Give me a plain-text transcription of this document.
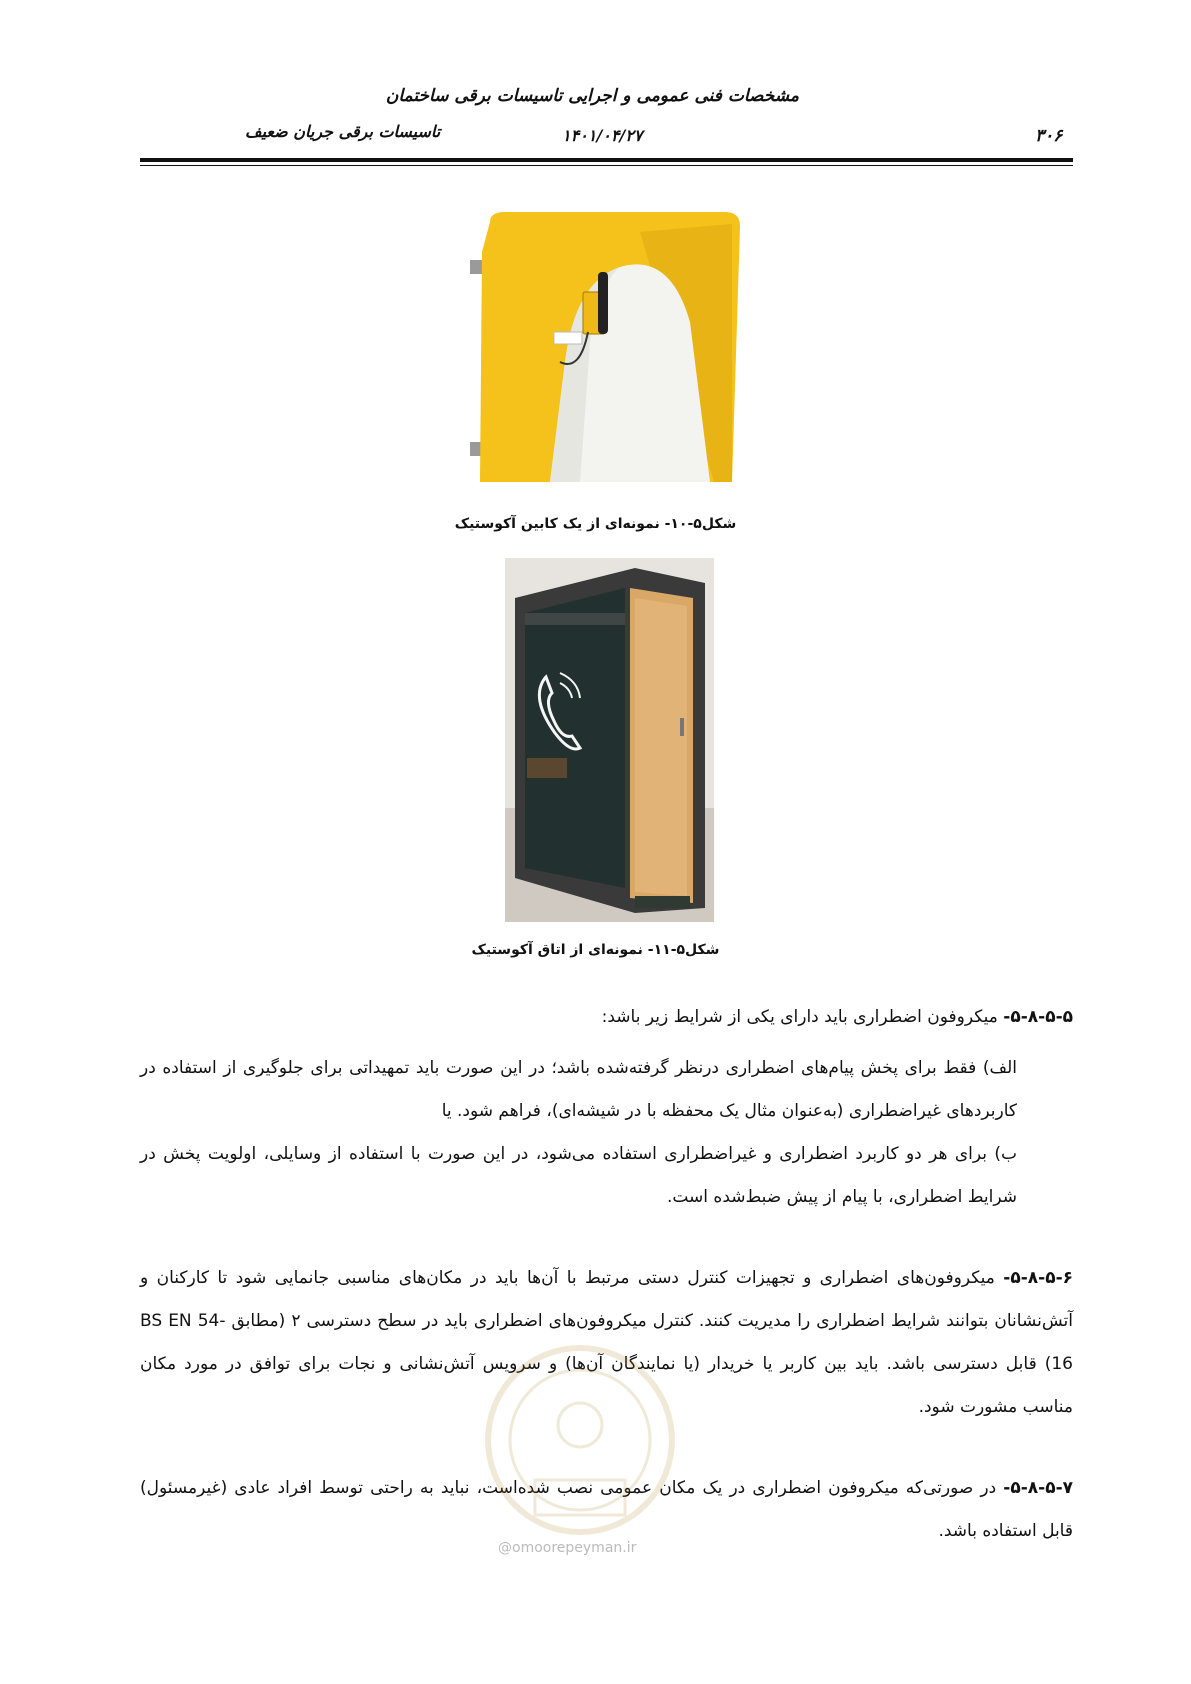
مشخصات فنی عمومی و اجرایی تاسیسات برقی ساختمان
تاسیسات برقی جریان ضعیف	۱۴۰۱/۰۴/۲۷	۳۰۶
شکل۵-۱۰- نمونه‌ای از یک کابین آکوستیک
شکل۵-۱۱- نمونه‌ای از اتاق آکوستیک
۵-۸-۵-۵- میکروفون اضطراری باید دارای یکی از شرایط زیر باشد:
الف) فقط برای پخش پیام‌های اضطراری درنظر گرفته‌شده باشد؛ در این صورت باید تمهیداتی برای جلوگیری از استفاده در کاربردهای غیراضطراری (به‌عنوان مثال یک محفظه با در شیشه‌ای)، فراهم شود. یا
ب) برای هر دو کاربرد اضطراری و غیراضطراری استفاده می‌شود، در این صورت با استفاده از وسایلی، اولویت پخش در شرایط اضطراری، با پیام از پیش ضبط‌شده است.
۵-۸-۵-۶- میکروفون‌های اضطراری و تجهیزات کنترل دستی مرتبط با آن‌ها باید در مکان‌های مناسبی جانمایی شود تا کارکنان و آتش‌نشانان بتوانند شرایط اضطراری را مدیریت کنند. کنترل میکروفون‌های اضطراری باید در سطح دسترسی ۲ (مطابق BS EN 54-16) قابل دسترسی باشد. باید بین کاربر یا خریدار (یا نمایندگان آن‌ها) و سرویس آتش‌نشانی و نجات برای توافق در مورد مکان مناسب مشورت شود.
۵-۸-۵-۷- در صورتی‌که میکروفون اضطراری در یک مکان عمومی نصب شده‌است، نباید به راحتی توسط افراد عادی (غیرمسئول) قابل استفاده باشد.
@omoorepeyman.ir
